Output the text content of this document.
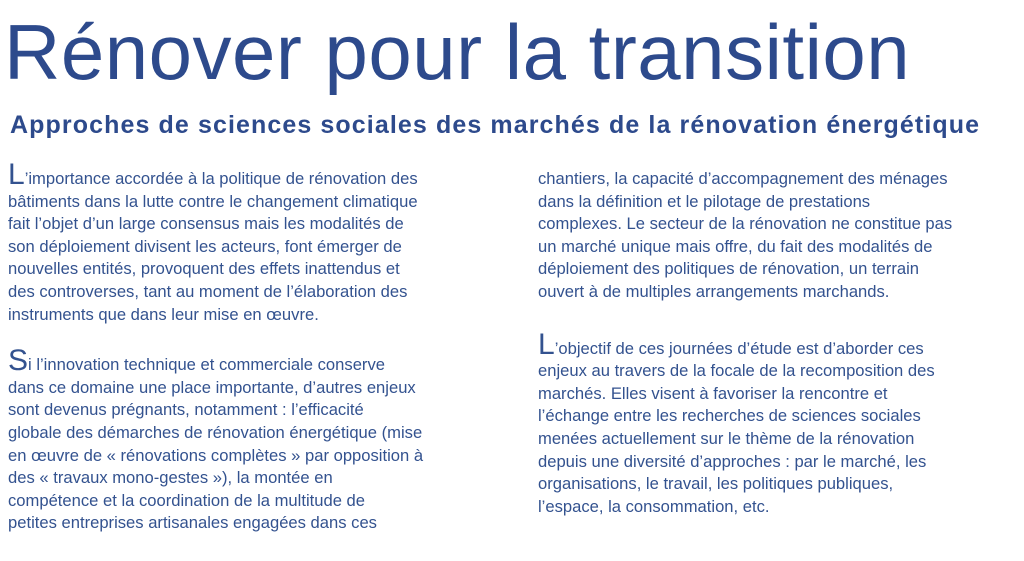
Rénover pour la transition
Approches de sciences sociales des marchés de la rénovation énergétique

L’importance accordée à la politique de rénovation des

bâtiments dans la lutte contre le changement climatique

fait l’objet d’un large consensus mais les modalités de

son déploiement divisent les acteurs, font émerger de

nouvelles entités, provoquent des effets inattendus et

des controverses, tant au moment de l’élaboration des

instruments que dans leur mise en œuvre.

Si l’innovation technique et commerciale conserve

dans ce domaine une place importante, d’autres enjeux

sont devenus prégnants, notamment : l’efficacité

globale des démarches de rénovation énergétique (mise

en œuvre de « rénovations complètes » par opposition à

des « travaux mono-gestes »), la montée en

compétence et la coordination de la multitude de

petites entreprises artisanales engagées dans ces

chantiers, la capacité d’accompagnement des ménages

dans la définition et le pilotage de prestations

complexes. Le secteur de la rénovation ne constitue pas

un marché unique mais offre, du fait des modalités de

déploiement des politiques de rénovation, un terrain

ouvert à de multiples arrangements marchands.

L’objectif de ces journées d’étude est d’aborder ces

enjeux au travers de la focale de la recomposition des

marchés. Elles visent à favoriser la rencontre et

l’échange entre les recherches de sciences sociales

menées actuellement sur le thème de la rénovation

depuis une diversité d’approches : par le marché, les

organisations, le travail, les politiques publiques,

l’espace, la consommation, etc.
